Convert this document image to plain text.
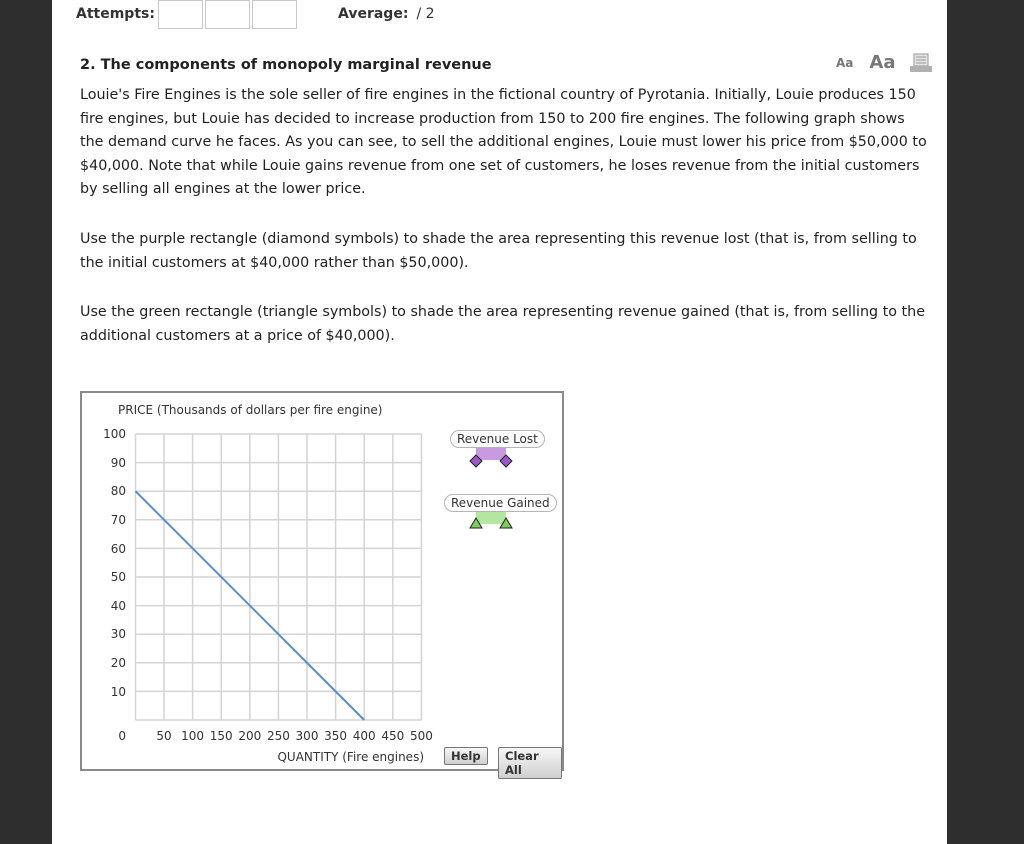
Attempts:	Average: / 2
2. The components of monopoly marginal revenue	Aa Aa

Louie's Fire Engines is the sole seller of fire engines in the fictional country of Pyrotania. Initially, Louie produces 150 fire engines, but Louie has decided to increase production from 150 to 200 fire engines. The following graph shows the demand curve he faces. As you can see, to sell the additional engines, Louie must lower his price from $50,000 to $40,000. Note that while Louie gains revenue from one set of customers, he loses revenue from the initial customers by selling all engines at the lower price.

Use the purple rectangle (diamond symbols) to shade the area representing this revenue lost (that is, from selling to the initial customers at $40,000 rather than $50,000).

Use the green rectangle (triangle symbols) to shade the area representing revenue gained (that is, from selling to the additional customers at a price of $40,000).

PRICE (Thousands of dollars per fire engine)
100
90
80
70
60
50
40
30
20
10
0	50 100 150 200 250 300 350 400 450 500
QUANTITY (Fire engines)
Revenue Lost
Revenue Gained
Help	Clear All
